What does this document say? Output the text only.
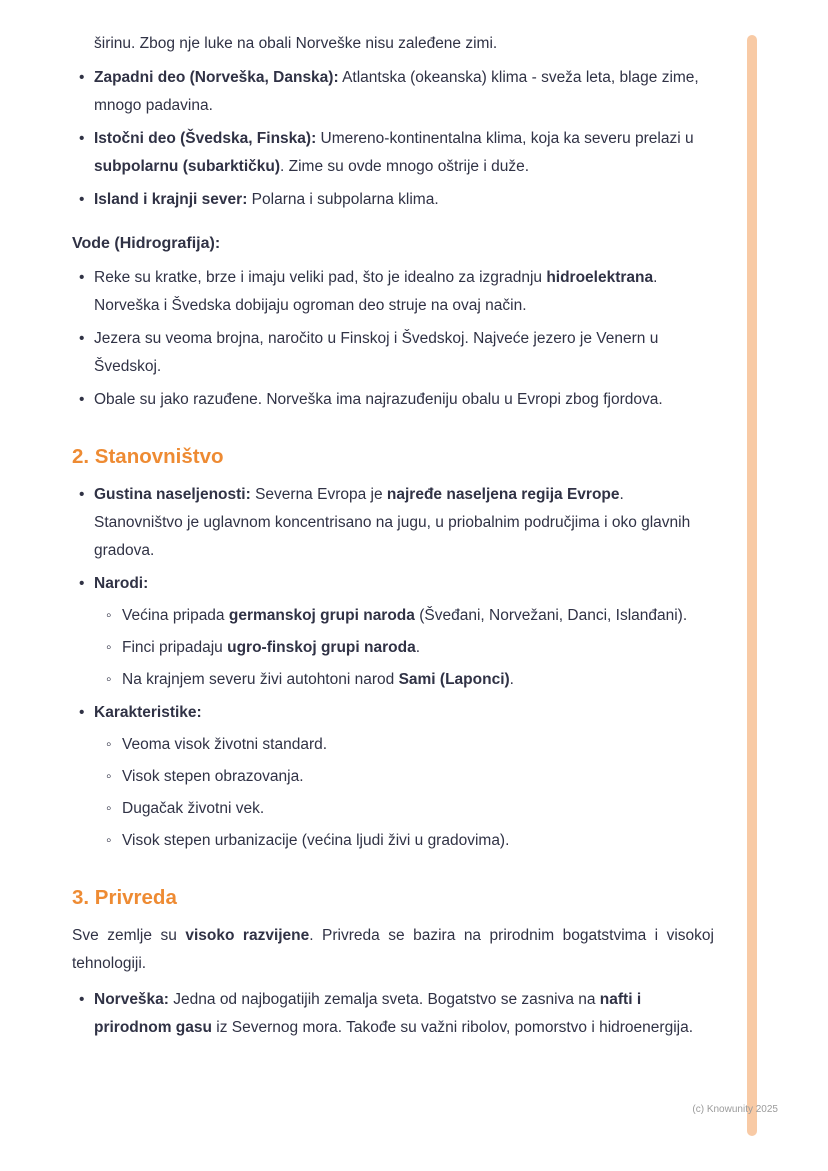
širinu. Zbog nje luke na obali Norveške nisu zaleđene zimi.

• Zapadni deo (Norveška, Danska): Atlantska (okeanska) klima - sveža leta, blage zime, mnogo padavina.

• Istočni deo (Švedska, Finska): Umereno-kontinentalna klima, koja ka severu prelazi u subpolarnu (subarktičku). Zime su ovde mnogo oštrije i duže.

• Island i krajnji sever: Polarna i subpolarna klima.

Vode (Hidrografija):
• Reke su kratke, brze i imaju veliki pad, što je idealno za izgradnju hidroelektrana. Norveška i Švedska dobijaju ogroman deo struje na ovaj način.

• Jezera su veoma brojna, naročito u Finskoj i Švedskoj. Najveće jezero je Venern u Švedskoj.

• Obale su jako razuđene. Norveška ima najrazuđeniju obalu u Evropi zbog fjordova.

2. Stanovništvo
• Gustina naseljenosti: Severna Evropa je najređe naseljena regija Evrope. Stanovništvo je uglavnom koncentrisano na jugu, u priobalnim područjima i oko glavnih gradova.

• Narodi:

◦ Većina pripada germanskoj grupi naroda (Šveđani, Norvežani, Danci, Islanđani).

◦ Finci pripadaju ugro-finskoj grupi naroda.

◦ Na krajnjem severu živi autohtoni narod Sami (Laponci).

• Karakteristike:

◦ Veoma visok životni standard.

◦ Visok stepen obrazovanja.

◦ Dugačak životni vek.

◦ Visok stepen urbanizacije (većina ljudi živi u gradovima).

3. Privreda

Sve zemlje su visoko razvijene. Privreda se bazira na prirodnim bogatstvima i visokoj tehnologiji.

• Norveška: Jedna od najbogatijih zemalja sveta. Bogatstvo se zasniva na nafti i prirodnom gasu iz Severnog mora. Takođe su važni ribolov, pomorstvo i hidroenergija.

(c) Knowunity 2025
